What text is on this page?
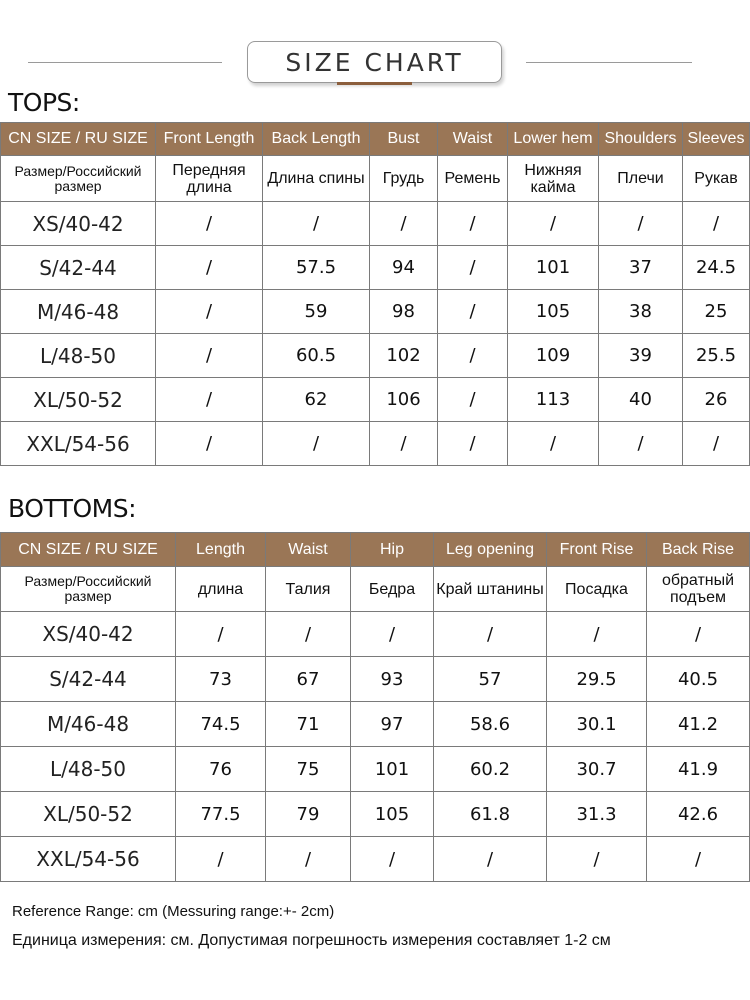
SIZE CHART
TOPS:
CN SIZE / RU SIZE	Front Length	Back Length	Bust	Waist	Lower hem	Shoulders	Sleeves
Размер/Российский размер	Передняя длина	Длина спины	Грудь	Ремень	Нижняя кайма	Плечи	Рукав
XS/40-42	/	/	/	/	/	/	/
S/42-44	/	57.5	94	/	101	37	24.5
M/46-48	/	59	98	/	105	38	25
L/48-50	/	60.5	102	/	109	39	25.5
XL/50-52	/	62	106	/	113	40	26
XXL/54-56	/	/	/	/	/	/	/
BOTTOMS:
CN SIZE / RU SIZE	Length	Waist	Hip	Leg opening	Front Rise	Back Rise
Размер/Российский размер	длина	Талия	Бедра	Край штанины	Посадка	обратный подъем
XS/40-42	/	/	/	/	/	/
S/42-44	73	67	93	57	29.5	40.5
M/46-48	74.5	71	97	58.6	30.1	41.2
L/48-50	76	75	101	60.2	30.7	41.9
XL/50-52	77.5	79	105	61.8	31.3	42.6
XXL/54-56	/	/	/	/	/	/
Reference Range: cm (Messuring range:+- 2cm)
Единица измерения: см. Допустимая погрешность измерения составляет 1-2 см
